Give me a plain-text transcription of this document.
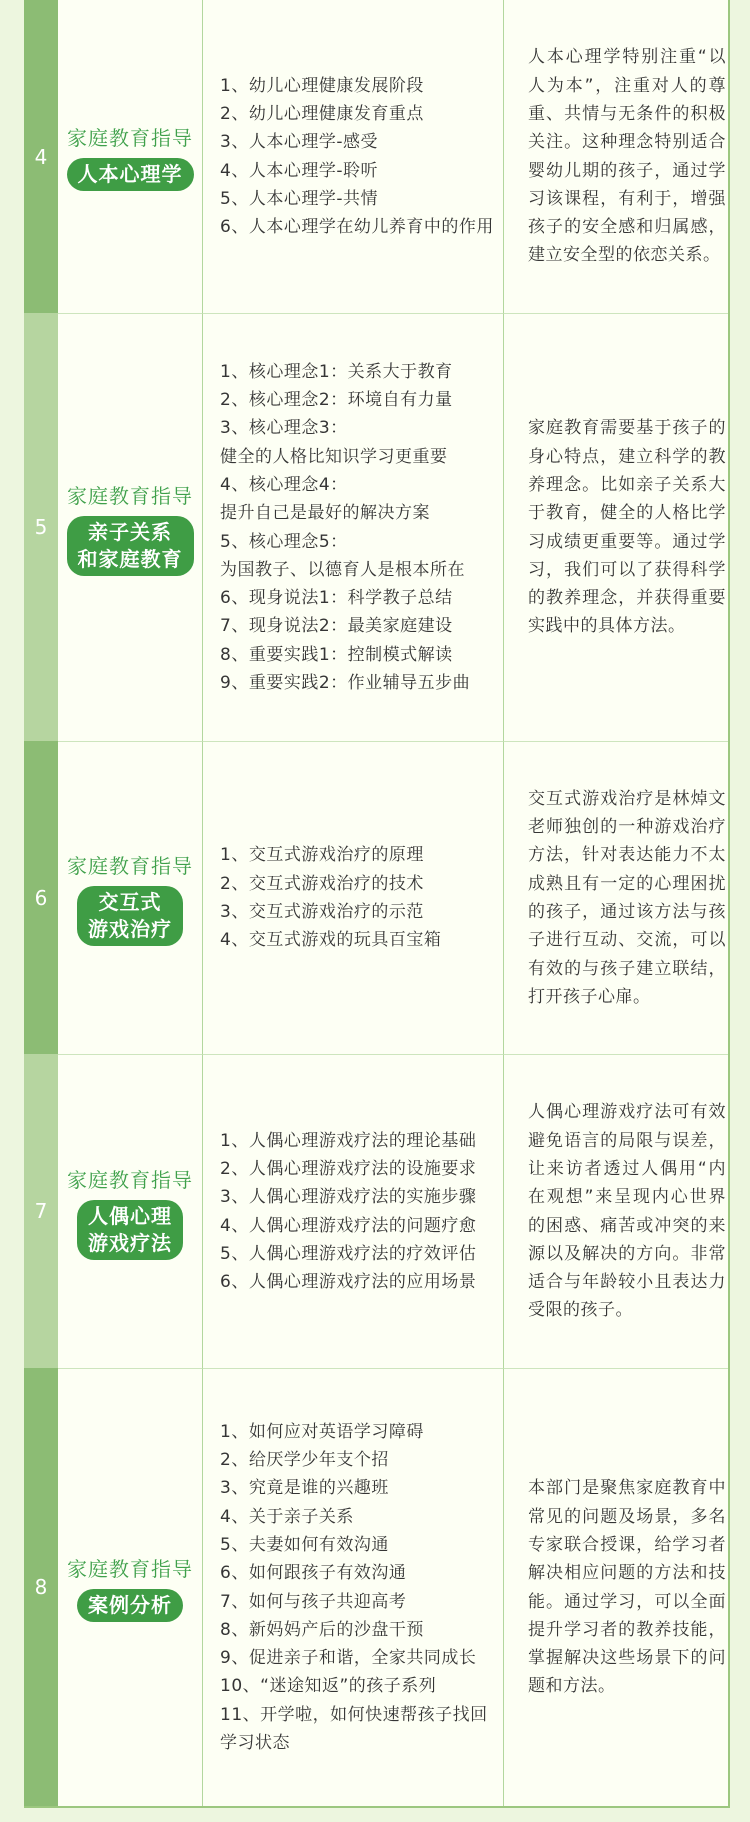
4
家庭教育指导
人本心理学
1、幼儿心理健康发展阶段
2、幼儿心理健康发育重点
3、人本心理学-感受
4、人本心理学-聆听
5、人本心理学-共情
6、人本心理学在幼儿养育中的作用
人本心理学特别注重“以人为本”，注重对人的尊重、共情与无条件的积极关注。这种理念特别适合婴幼儿期的孩子，通过学习该课程，有利于，增强孩子的安全感和归属感，建立安全型的依恋关系。
5
家庭教育指导
亲子关系
和家庭教育
1、核心理念1：关系大于教育
2、核心理念2：环境自有力量
3、核心理念3：
健全的人格比知识学习更重要
4、核心理念4：
提升自己是最好的解决方案
5、核心理念5：
为国教子、以德育人是根本所在
6、现身说法1：科学教子总结
7、现身说法2：最美家庭建设
8、重要实践1：控制模式解读
9、重要实践2：作业辅导五步曲
家庭教育需要基于孩子的身心特点，建立科学的教养理念。比如亲子关系大于教育，健全的人格比学习成绩更重要等。通过学习，我们可以了获得科学的教养理念，并获得重要实践中的具体方法。
6
家庭教育指导
交互式
游戏治疗
1、交互式游戏治疗的原理
2、交互式游戏治疗的技术
3、交互式游戏治疗的示范
4、交互式游戏的玩具百宝箱
交互式游戏治疗是林焯文老师独创的一种游戏治疗方法，针对表达能力不太成熟且有一定的心理困扰的孩子，通过该方法与孩子进行互动、交流，可以有效的与孩子建立联结，打开孩子心扉。
7
家庭教育指导
人偶心理
游戏疗法
1、人偶心理游戏疗法的理论基础
2、人偶心理游戏疗法的设施要求
3、人偶心理游戏疗法的实施步骤
4、人偶心理游戏疗法的问题疗愈
5、人偶心理游戏疗法的疗效评估
6、人偶心理游戏疗法的应用场景
人偶心理游戏疗法可有效避免语言的局限与误差，让来访者透过人偶用“内在观想”来呈现内心世界的困惑、痛苦或冲突的来源以及解决的方向。非常适合与年龄较小且表达力受限的孩子。
8
家庭教育指导
案例分析
1、如何应对英语学习障碍
2、给厌学少年支个招
3、究竟是谁的兴趣班
4、关于亲子关系
5、夫妻如何有效沟通
6、如何跟孩子有效沟通
7、如何与孩子共迎高考
8、新妈妈产后的沙盘干预
9、促进亲子和谐，全家共同成长
10、“迷途知返”的孩子系列
11、开学啦，如何快速帮孩子找回
学习状态
本部门是聚焦家庭教育中常见的问题及场景，多名专家联合授课，给学习者解决相应问题的方法和技能。通过学习，可以全面提升学习者的教养技能，掌握解决这些场景下的问题和方法。
